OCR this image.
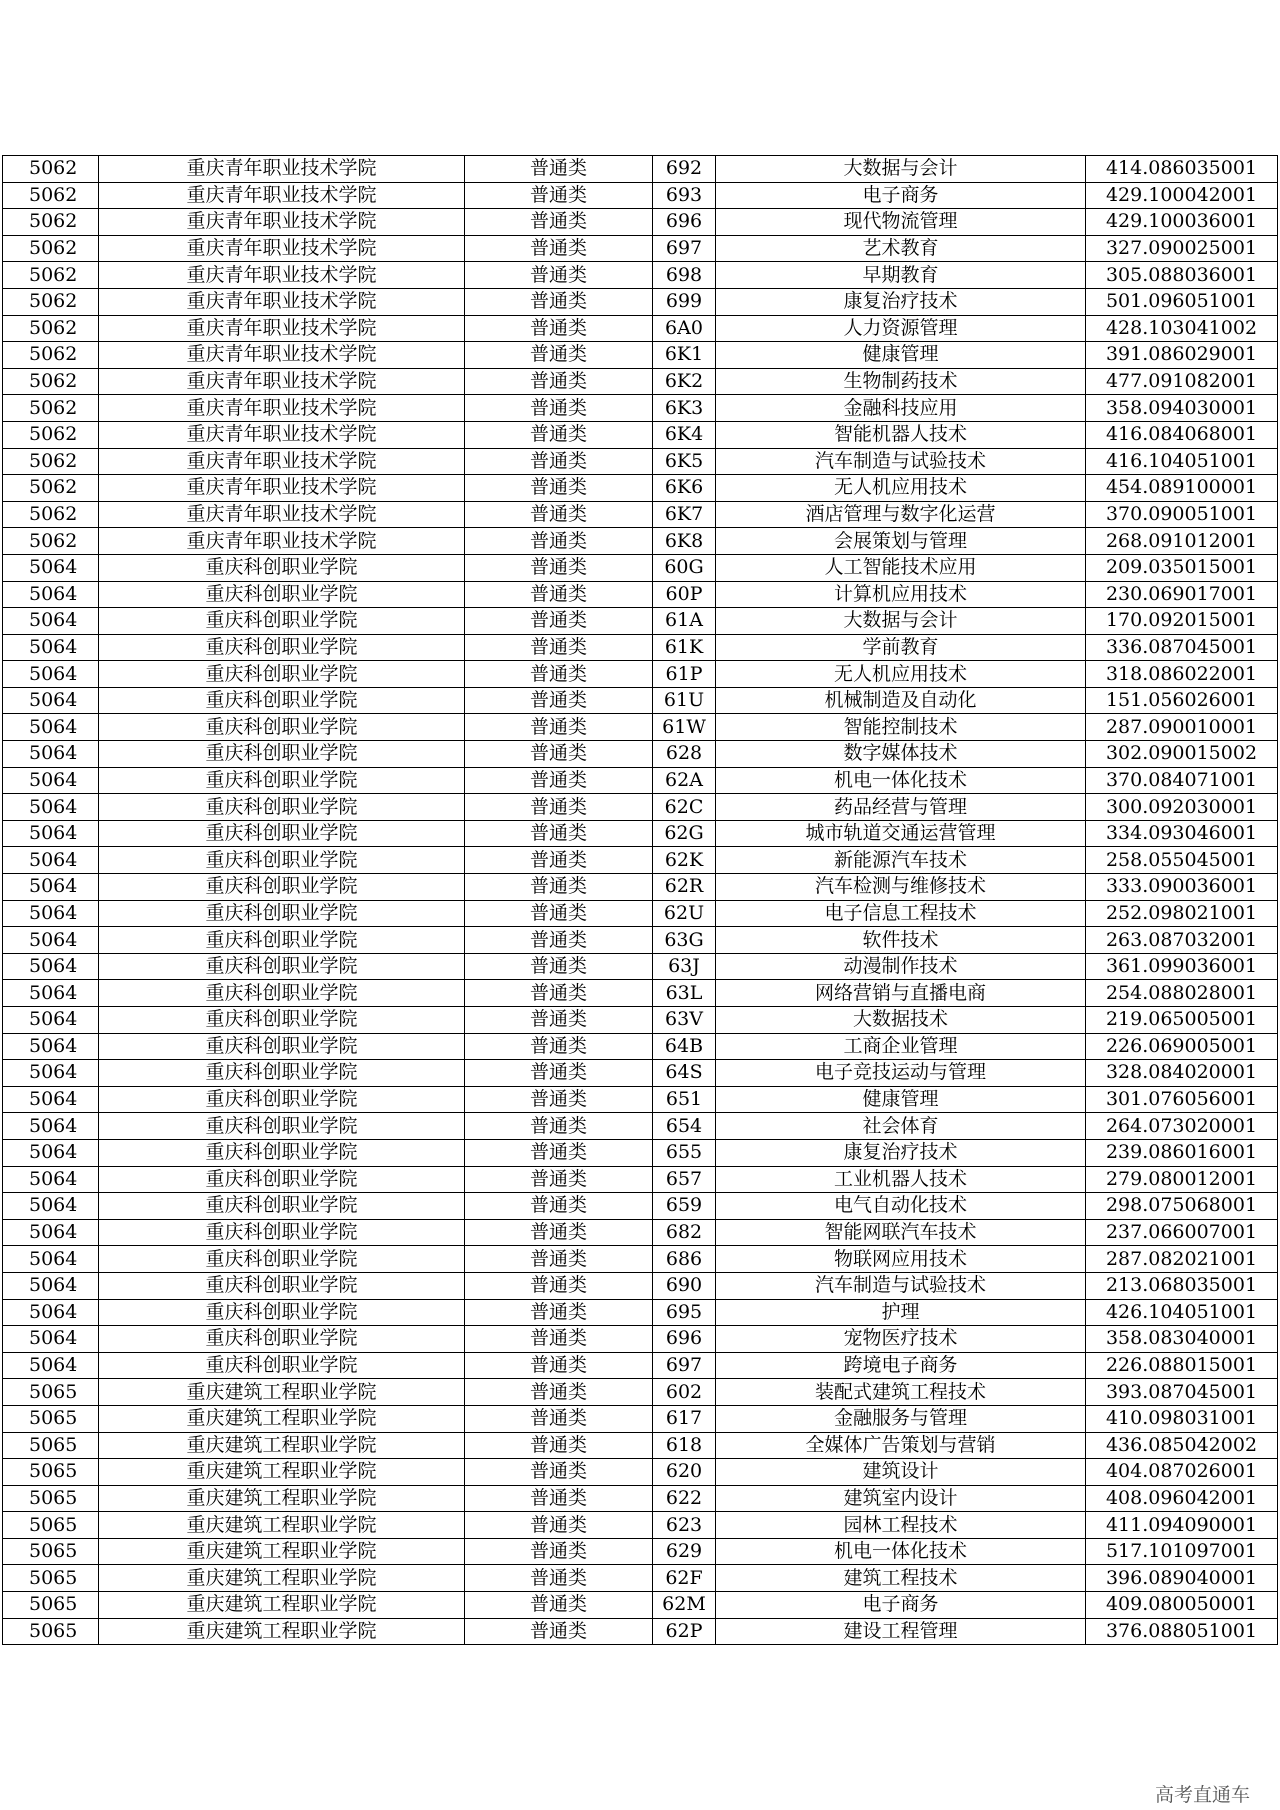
5062	重庆青年职业技术学院	普通类	692	大数据与会计	414.086035001
5062	重庆青年职业技术学院	普通类	693	电子商务	429.100042001
5062	重庆青年职业技术学院	普通类	696	现代物流管理	429.100036001
5062	重庆青年职业技术学院	普通类	697	艺术教育	327.090025001
5062	重庆青年职业技术学院	普通类	698	早期教育	305.088036001
5062	重庆青年职业技术学院	普通类	699	康复治疗技术	501.096051001
5062	重庆青年职业技术学院	普通类	6A0	人力资源管理	428.103041002
5062	重庆青年职业技术学院	普通类	6K1	健康管理	391.086029001
5062	重庆青年职业技术学院	普通类	6K2	生物制药技术	477.091082001
5062	重庆青年职业技术学院	普通类	6K3	金融科技应用	358.094030001
5062	重庆青年职业技术学院	普通类	6K4	智能机器人技术	416.084068001
5062	重庆青年职业技术学院	普通类	6K5	汽车制造与试验技术	416.104051001
5062	重庆青年职业技术学院	普通类	6K6	无人机应用技术	454.089100001
5062	重庆青年职业技术学院	普通类	6K7	酒店管理与数字化运营	370.090051001
5062	重庆青年职业技术学院	普通类	6K8	会展策划与管理	268.091012001
5064	重庆科创职业学院	普通类	60G	人工智能技术应用	209.035015001
5064	重庆科创职业学院	普通类	60P	计算机应用技术	230.069017001
5064	重庆科创职业学院	普通类	61A	大数据与会计	170.092015001
5064	重庆科创职业学院	普通类	61K	学前教育	336.087045001
5064	重庆科创职业学院	普通类	61P	无人机应用技术	318.086022001
5064	重庆科创职业学院	普通类	61U	机械制造及自动化	151.056026001
5064	重庆科创职业学院	普通类	61W	智能控制技术	287.090010001
5064	重庆科创职业学院	普通类	628	数字媒体技术	302.090015002
5064	重庆科创职业学院	普通类	62A	机电一体化技术	370.084071001
5064	重庆科创职业学院	普通类	62C	药品经营与管理	300.092030001
5064	重庆科创职业学院	普通类	62G	城市轨道交通运营管理	334.093046001
5064	重庆科创职业学院	普通类	62K	新能源汽车技术	258.055045001
5064	重庆科创职业学院	普通类	62R	汽车检测与维修技术	333.090036001
5064	重庆科创职业学院	普通类	62U	电子信息工程技术	252.098021001
5064	重庆科创职业学院	普通类	63G	软件技术	263.087032001
5064	重庆科创职业学院	普通类	63J	动漫制作技术	361.099036001
5064	重庆科创职业学院	普通类	63L	网络营销与直播电商	254.088028001
5064	重庆科创职业学院	普通类	63V	大数据技术	219.065005001
5064	重庆科创职业学院	普通类	64B	工商企业管理	226.069005001
5064	重庆科创职业学院	普通类	64S	电子竞技运动与管理	328.084020001
5064	重庆科创职业学院	普通类	651	健康管理	301.076056001
5064	重庆科创职业学院	普通类	654	社会体育	264.073020001
5064	重庆科创职业学院	普通类	655	康复治疗技术	239.086016001
5064	重庆科创职业学院	普通类	657	工业机器人技术	279.080012001
5064	重庆科创职业学院	普通类	659	电气自动化技术	298.075068001
5064	重庆科创职业学院	普通类	682	智能网联汽车技术	237.066007001
5064	重庆科创职业学院	普通类	686	物联网应用技术	287.082021001
5064	重庆科创职业学院	普通类	690	汽车制造与试验技术	213.068035001
5064	重庆科创职业学院	普通类	695	护理	426.104051001
5064	重庆科创职业学院	普通类	696	宠物医疗技术	358.083040001
5064	重庆科创职业学院	普通类	697	跨境电子商务	226.088015001
5065	重庆建筑工程职业学院	普通类	602	装配式建筑工程技术	393.087045001
5065	重庆建筑工程职业学院	普通类	617	金融服务与管理	410.098031001
5065	重庆建筑工程职业学院	普通类	618	全媒体广告策划与营销	436.085042002
5065	重庆建筑工程职业学院	普通类	620	建筑设计	404.087026001
5065	重庆建筑工程职业学院	普通类	622	建筑室内设计	408.096042001
5065	重庆建筑工程职业学院	普通类	623	园林工程技术	411.094090001
5065	重庆建筑工程职业学院	普通类	629	机电一体化技术	517.101097001
5065	重庆建筑工程职业学院	普通类	62F	建筑工程技术	396.089040001
5065	重庆建筑工程职业学院	普通类	62M	电子商务	409.080050001
5065	重庆建筑工程职业学院	普通类	62P	建设工程管理	376.088051001
高考直通车
